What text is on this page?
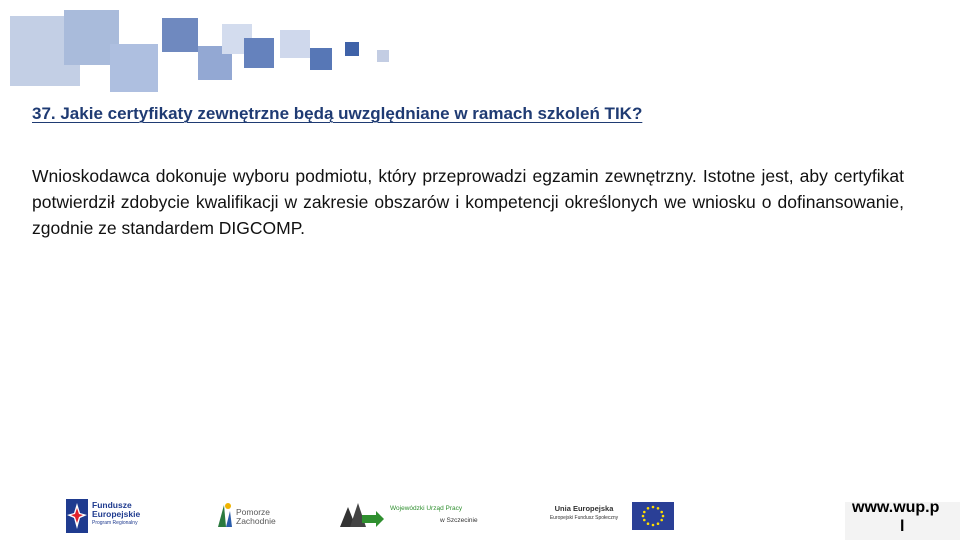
37. Jakie certyfikaty zewnętrzne będą uwzględniane w ramach szkoleń TIK?
Wnioskodawca dokonuje wyboru podmiotu, który przeprowadzi egzamin zewnętrzny. Istotne jest, aby certyfikat potwierdził zdobycie kwalifikacji w zakresie obszarów i kompetencji określonych we wniosku o dofinansowanie, zgodnie ze standardem DIGCOMP.
Fundusze
Europejskie
Program Regionalny
Pomorze
Zachodnie
Wojewódzki Urząd Pracy
w Szczecinie
Unia Europejska
Europejski Fundusz Społeczny
www.wup.p
l
